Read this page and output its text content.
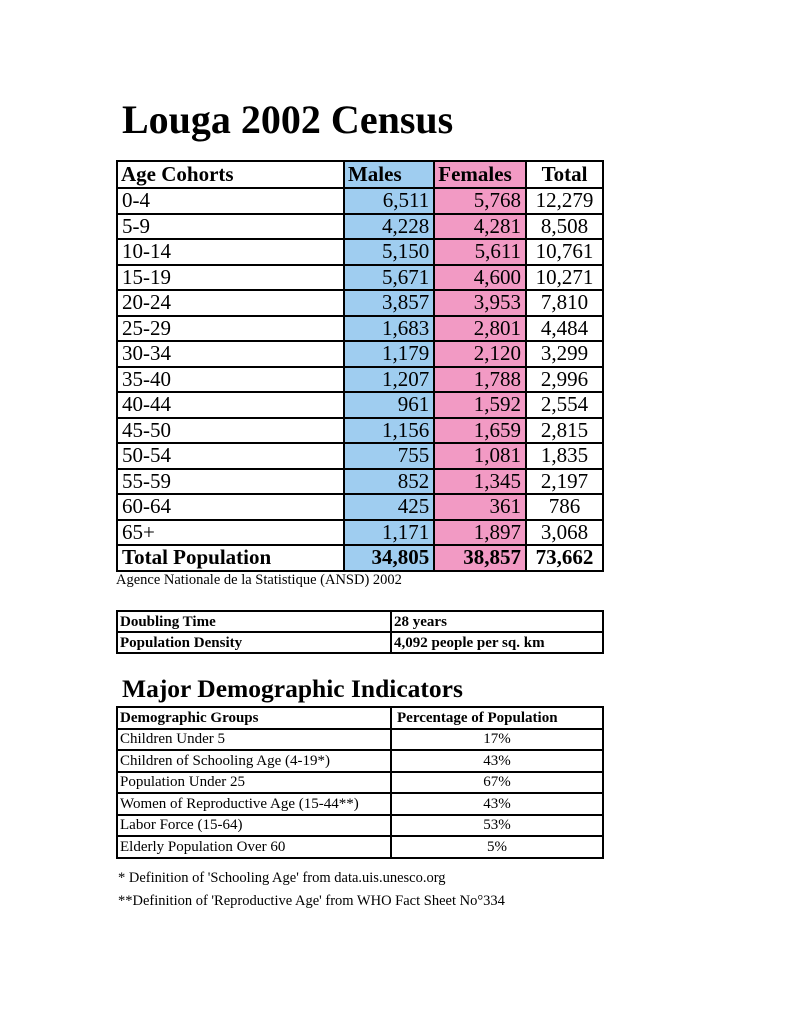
Louga 2002 Census
Age Cohorts	Males	Females	Total
0-4	6,511	5,768	12,279
5-9	4,228	4,281	8,508
10-14	5,150	5,611	10,761
15-19	5,671	4,600	10,271
20-24	3,857	3,953	7,810
25-29	1,683	2,801	4,484
30-34	1,179	2,120	3,299
35-40	1,207	1,788	2,996
40-44	961	1,592	2,554
45-50	1,156	1,659	2,815
50-54	755	1,081	1,835
55-59	852	1,345	2,197
60-64	425	361	786
65+	1,171	1,897	3,068
Total Population	34,805	38,857	73,662
Agence Nationale de la Statistique (ANSD) 2002
Doubling Time	28 years
Population Density	4,092 people per sq. km
Major Demographic Indicators
Demographic Groups	Percentage of Population
Children Under 5	17%
Children of Schooling Age (4-19*)	43%
Population Under 25	67%
Women of Reproductive Age (15-44**)	43%
Labor Force (15-64)	53%
Elderly Population Over 60	5%
* Definition of 'Schooling Age' from data.uis.unesco.org
**Definition of 'Reproductive Age' from WHO Fact Sheet No°334
